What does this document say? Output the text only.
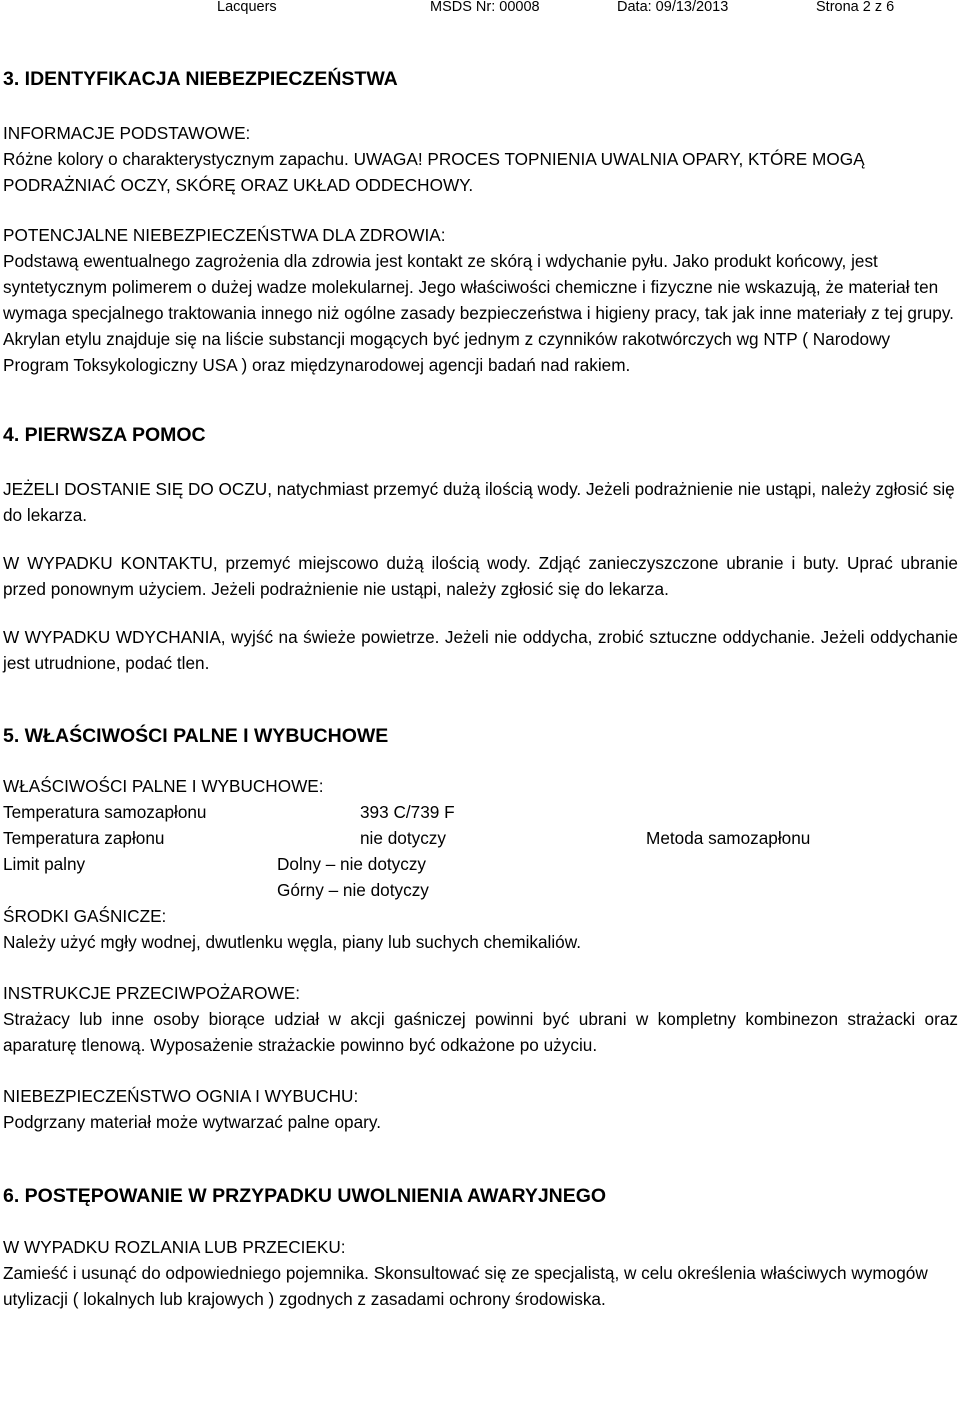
Lacquers	MSDS Nr: 00008	Data: 09/13/2013	Strona 2 z 6
3. IDENTYFIKACJA NIEBEZPIECZEŃSTWA

INFORMACJE PODSTAWOWE:

Różne kolory o charakterystycznym zapachu. UWAGA! PROCES TOPNIENIA UWALNIA OPARY, KTÓRE MOGĄ PODRAŻNIAĆ OCZY, SKÓRĘ ORAZ UKŁAD ODDECHOWY.

POTENCJALNE NIEBEZPIECZEŃSTWA DLA ZDROWIA:

Podstawą ewentualnego zagrożenia dla zdrowia jest kontakt ze skórą i wdychanie pyłu. Jako produkt końcowy, jest syntetycznym polimerem o dużej wadze molekularnej. Jego właściwości chemiczne i fizyczne nie wskazują, że materiał ten wymaga specjalnego traktowania innego niż ogólne zasady bezpieczeństwa i higieny pracy, tak jak inne materiały z tej grupy. Akrylan etylu znajduje się na liście substancji mogących być jednym z czynników rakotwórczych wg NTP ( Narodowy Program Toksykologiczny USA ) oraz międzynarodowej agencji badań nad rakiem.

4. PIERWSZA POMOC

JEŻELI DOSTANIE SIĘ DO OCZU, natychmiast przemyć dużą ilością wody. Jeżeli podrażnienie nie ustąpi, należy zgłosić się do lekarza.

W WYPADKU KONTAKTU, przemyć miejscowo dużą ilością wody. Zdjąć zanieczyszczone ubranie i buty. Uprać ubranie przed ponownym użyciem. Jeżeli podrażnienie nie ustąpi, należy zgłosić się do lekarza.

W WYPADKU WDYCHANIA, wyjść na świeże powietrze. Jeżeli nie oddycha, zrobić sztuczne oddychanie. Jeżeli oddychanie jest utrudnione, podać tlen.

5. WŁAŚCIWOŚCI PALNE I WYBUCHOWE

WŁAŚCIWOŚCI PALNE I WYBUCHOWE:

Temperatura samozapłonu	393 C/739 F
Temperatura zapłonu	nie dotyczy	Metoda samozapłonu
Limit palny	Dolny – nie dotyczy
Górny – nie dotyczy

ŚRODKI GAŚNICZE:

Należy użyć mgły wodnej, dwutlenku węgla, piany lub suchych chemikaliów.

INSTRUKCJE PRZECIWPOŻAROWE:

Strażacy lub inne osoby biorące udział w akcji gaśniczej powinni być ubrani w kompletny kombinezon strażacki oraz aparaturę tlenową. Wyposażenie strażackie powinno być odkażone po użyciu.

NIEBEZPIECZEŃSTWO OGNIA I WYBUCHU:

Podgrzany materiał może wytwarzać palne opary.

6. POSTĘPOWANIE W PRZYPADKU UWOLNIENIA AWARYJNEGO

W WYPADKU ROZLANIA LUB PRZECIEKU:

Zamieść i usunąć do odpowiedniego pojemnika. Skonsultować się ze specjalistą, w celu określenia właściwych wymogów utylizacji ( lokalnych lub krajowych ) zgodnych z zasadami ochrony środowiska.
